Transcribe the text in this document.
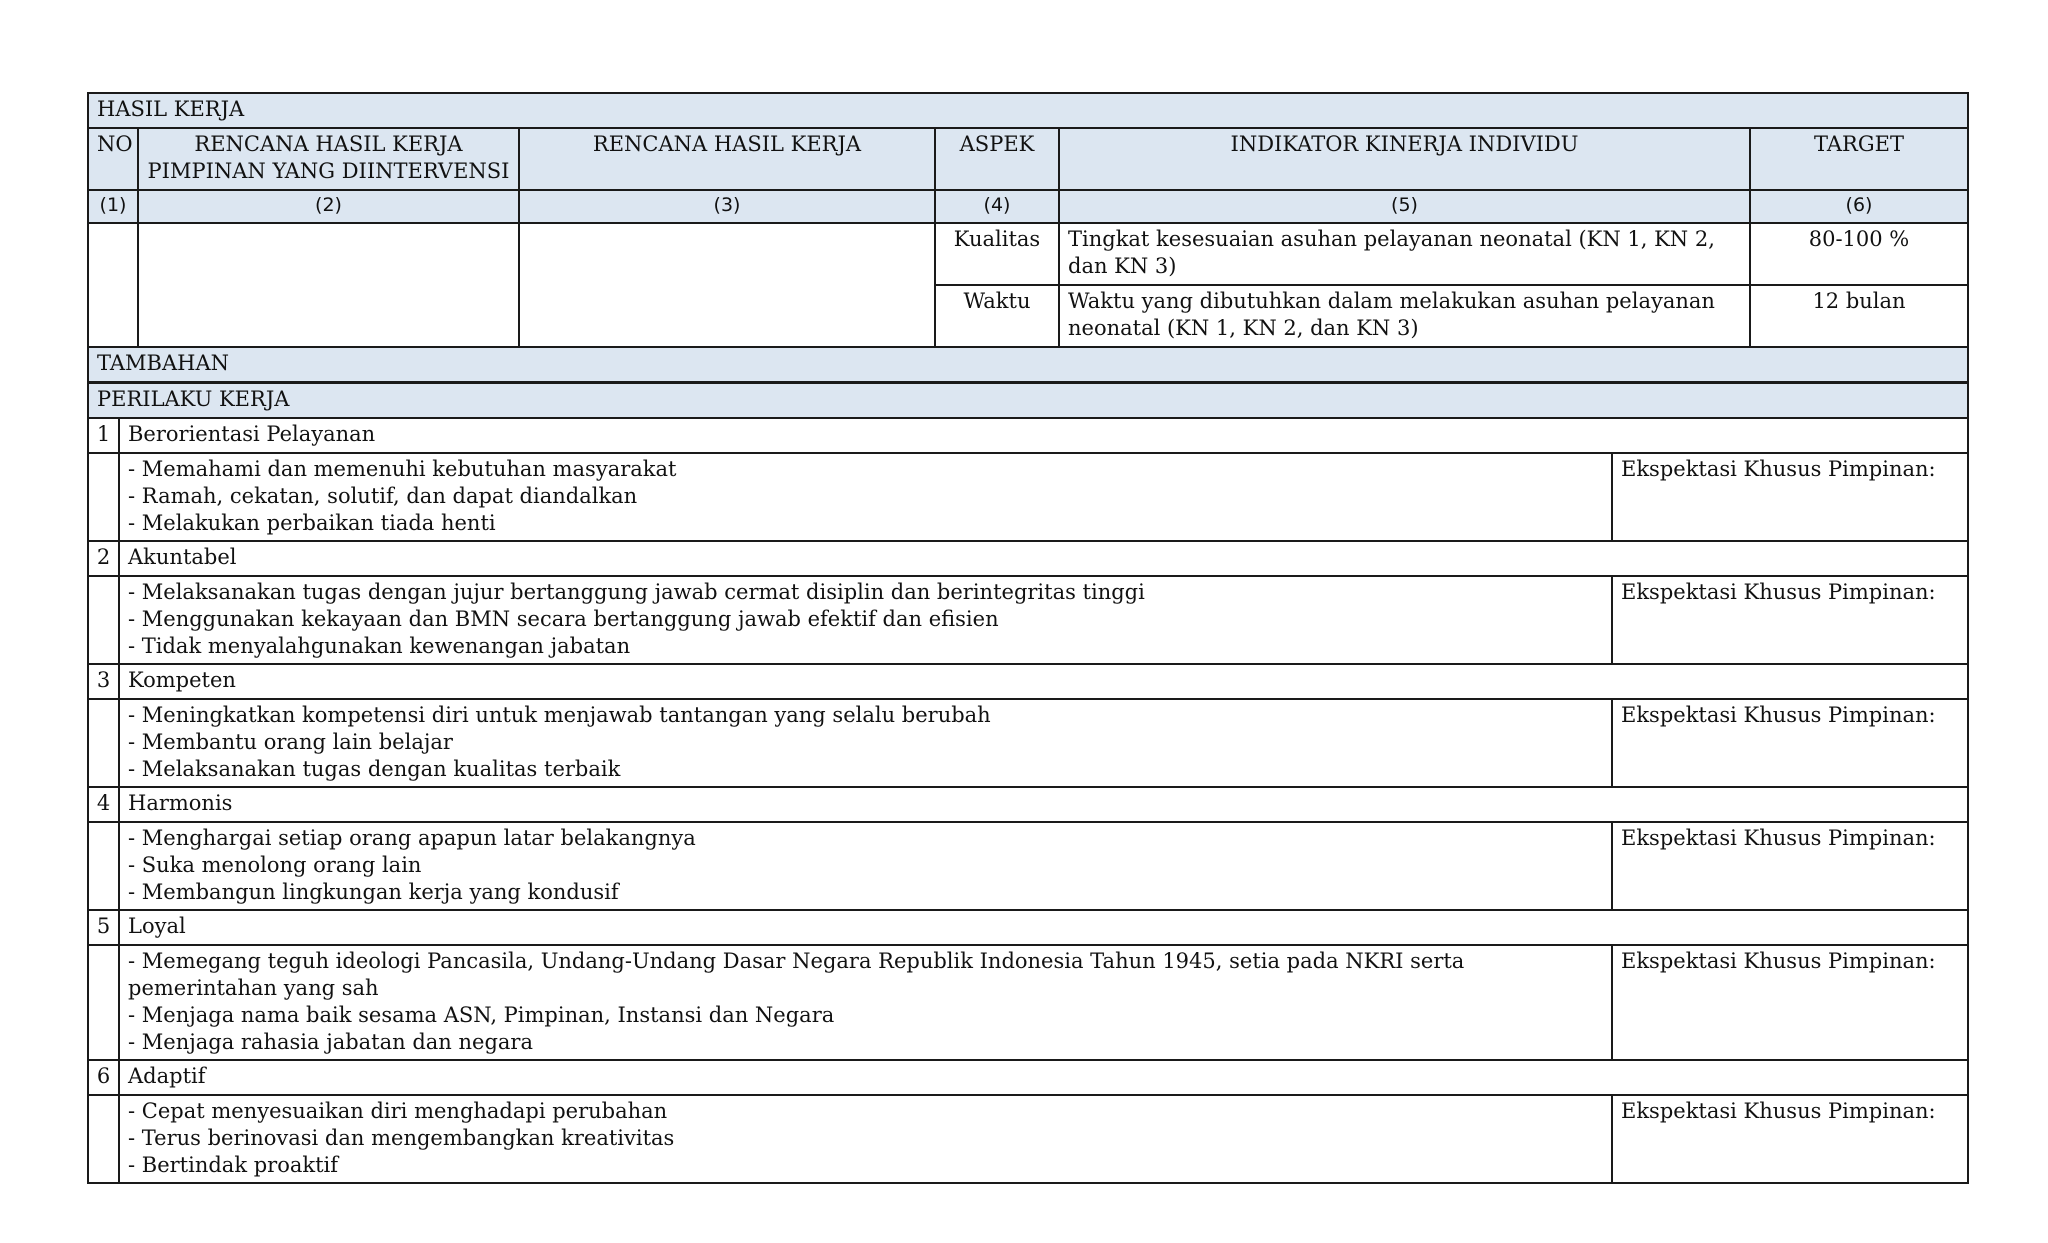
HASIL KERJA					
NO	RENCANA HASIL KERJA PIMPINAN YANG DIINTERVENSI	RENCANA HASIL KERJA	ASPEK	INDIKATOR KINERJA INDIVIDU	TARGET
(1)	(2)	(3)	(4)	(5)	(6)
			Kualitas	Tingkat kesesuaian asuhan pelayanan neonatal (KN 1, KN 2, dan KN 3)	80-100 %
			Waktu	Waktu yang dibutuhkan dalam melakukan asuhan pelayanan neonatal (KN 1, KN 2, dan KN 3)	12 bulan
TAMBAHAN					
PERILAKU KERJA		
1	Berorientasi Pelayanan	

	- Memahami dan memenuhi kebutuhan masyarakat
- Ramah, cekatan, solutif, dan dapat diandalkan
- Melakukan perbaikan tiada henti	Ekspektasi Khusus Pimpinan:
2	Akuntabel	

	- Melaksanakan tugas dengan jujur bertanggung jawab cermat disiplin dan berintegritas tinggi
- Menggunakan kekayaan dan BMN secara bertanggung jawab efektif dan efisien
- Tidak menyalahgunakan kewenangan jabatan	Ekspektasi Khusus Pimpinan:
3	Kompeten	

	- Meningkatkan kompetensi diri untuk menjawab tantangan yang selalu berubah
- Membantu orang lain belajar
- Melaksanakan tugas dengan kualitas terbaik	Ekspektasi Khusus Pimpinan:
4	Harmonis	

	- Menghargai setiap orang apapun latar belakangnya
- Suka menolong orang lain
- Membangun lingkungan kerja yang kondusif	Ekspektasi Khusus Pimpinan:
5	Loyal	

	- Memegang teguh ideologi Pancasila, Undang-Undang Dasar Negara Republik Indonesia Tahun 1945, setia pada NKRI serta pemerintahan yang sah
- Menjaga nama baik sesama ASN, Pimpinan, Instansi dan Negara
- Menjaga rahasia jabatan dan negara	Ekspektasi Khusus Pimpinan:
6	Adaptif	

	- Cepat menyesuaikan diri menghadapi perubahan
- Terus berinovasi dan mengembangkan kreativitas
- Bertindak proaktif	Ekspektasi Khusus Pimpinan:
